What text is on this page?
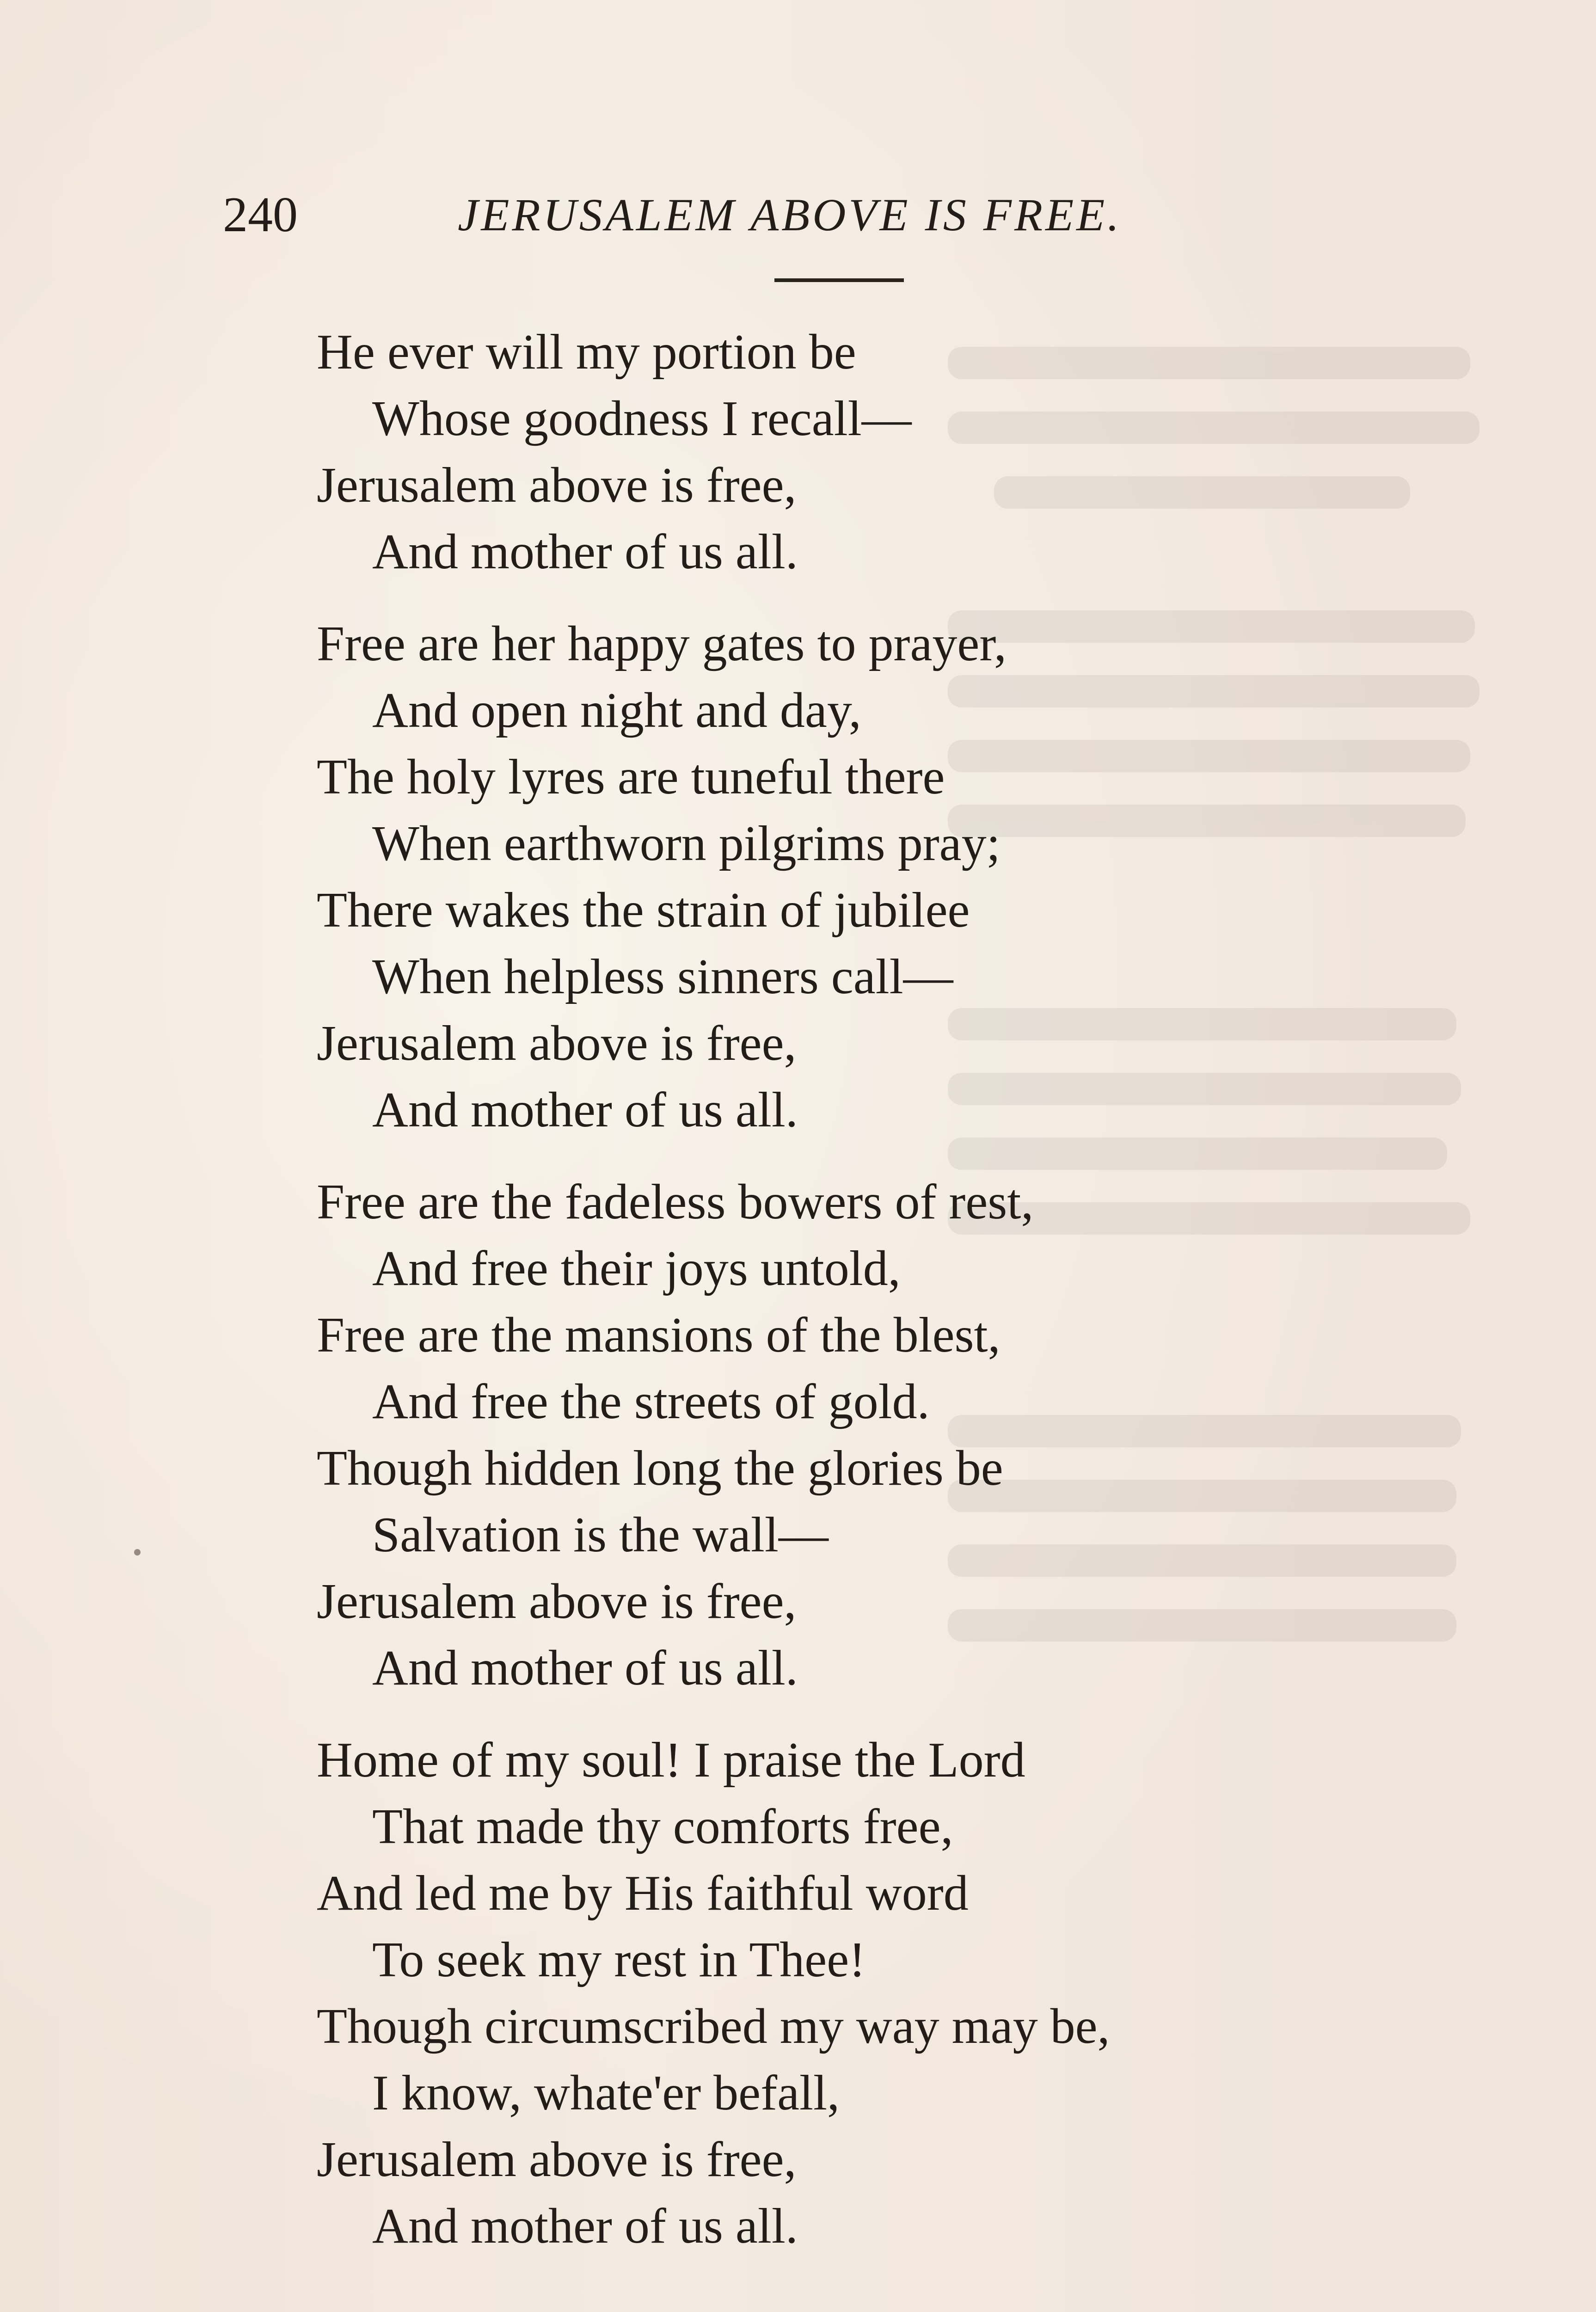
240	JERUSALEM ABOVE IS FREE.
He ever will my portion be
Whose goodness I recall—
Jerusalem above is free,
And mother of us all.
Free are her happy gates to prayer,
And open night and day,
The holy lyres are tuneful there
When earthworn pilgrims pray;
There wakes the strain of jubilee
When helpless sinners call—
Jerusalem above is free,
And mother of us all.
Free are the fadeless bowers of rest,
And free their joys untold,
Free are the mansions of the blest,
And free the streets of gold.
Though hidden long the glories be
Salvation is the wall—
Jerusalem above is free,
And mother of us all.
Home of my soul! I praise the Lord
That made thy comforts free,
And led me by His faithful word
To seek my rest in Thee!
Though circumscribed my way may be,
I know, whate'er befall,
Jerusalem above is free,
And mother of us all.
